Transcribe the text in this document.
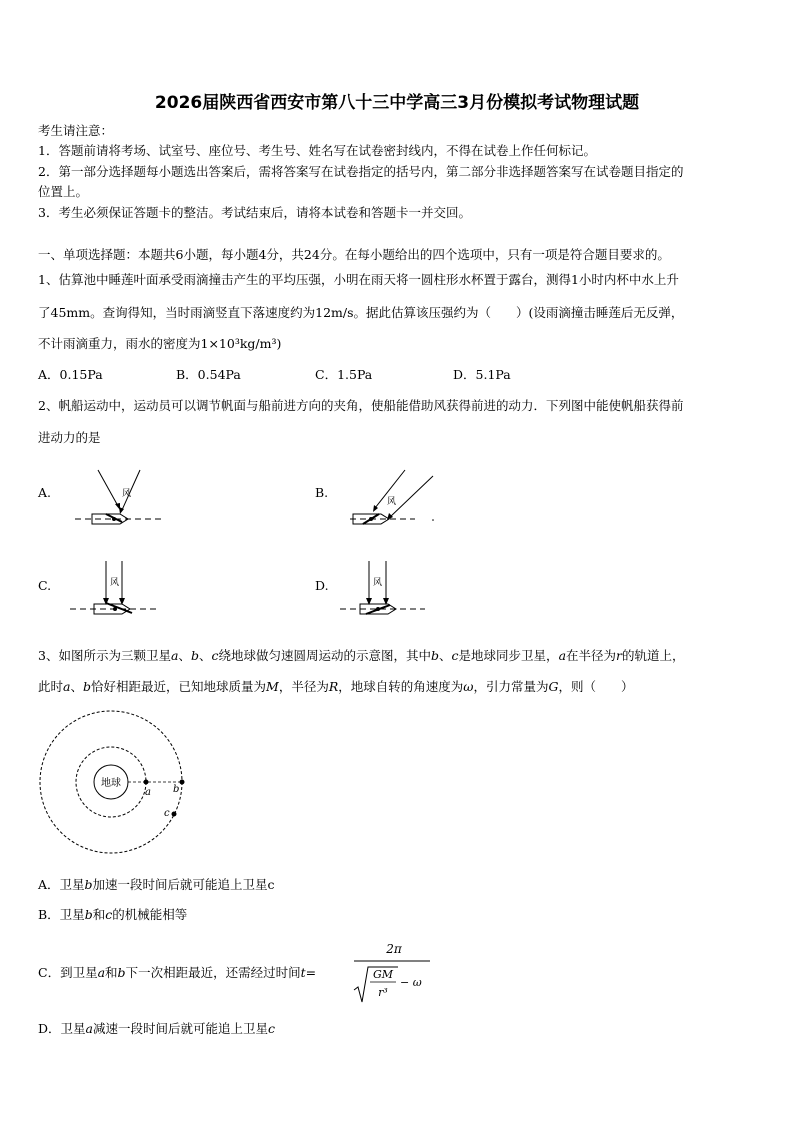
2026届陕西省西安市第八十三中学高三3月份模拟考试物理试题
考生请注意：
1．答题前请将考场、试室号、座位号、考生号、姓名写在试卷密封线内，不得在试卷上作任何标记。
2．第一部分选择题每小题选出答案后，需将答案写在试卷指定的括号内，第二部分非选择题答案写在试卷题目指定的
位置上。
3．考生必须保证答题卡的整洁。考试结束后，请将本试卷和答题卡一并交回。
一、单项选择题：本题共6小题，每小题4分，共24分。在每小题给出的四个选项中，只有一项是符合题目要求的。
1、估算池中睡莲叶面承受雨滴撞击产生的平均压强，小明在雨天将一圆柱形水杯置于露台，测得1小时内杯中水上升
了45mm。查询得知，当时雨滴竖直下落速度约为12m/s。据此估算该压强约为（　　）(设雨滴撞击睡莲后无反弹，
不计雨滴重力，雨水的密度为1×10³kg/m³)
A．0.15Pa	B．0.54Pa	C．1.5Pa	D．5.1Pa
2、帆船运动中，运动员可以调节帆面与船前进方向的夹角，使船能借助风获得前进的动力．下列图中能使帆船获得前
进动力的是
A.	B.
C.	D.
风
风
风	风
3、如图所示为三颗卫星a、b、c绕地球做匀速圆周运动的示意图，其中b、c是地球同步卫星，a在半径为r的轨道上，
此时a、b恰好相距最近，已知地球质量为M，半径为R，地球自转的角速度为ω，引力常量为G，则（　　）
地球
a b
c
A．卫星b加速一段时间后就可能追上卫星c
B．卫星b和c的机械能相等
C．到卫星a和b下一次相距最近，还需经过时间t=
2π
GM
r³
− ω
D．卫星a减速一段时间后就可能追上卫星c
